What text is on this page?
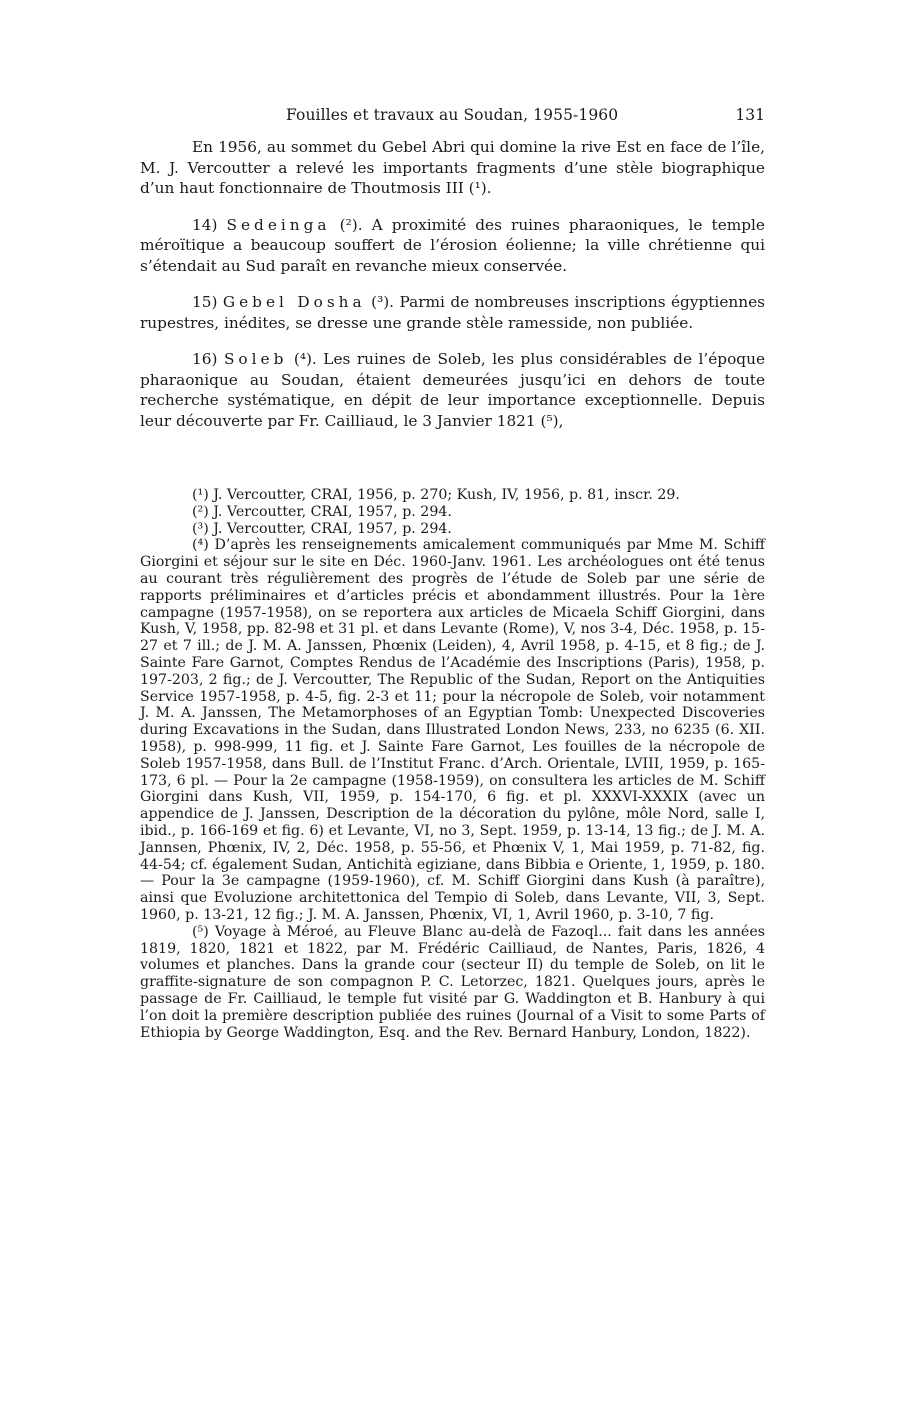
Fouilles et travaux au Soudan, 1955-1960	131

En 1956, au sommet du Gebel Abri qui domine la rive Est en face de l’île, M. J. Vercoutter a relevé les importants fragments d’une stèle biographique d’un haut fonctionnaire de Thoutmosis III (¹).

14) Sedeinga (²). A proximité des ruines pharaoniques, le temple méroïtique a beaucoup souffert de l’érosion éolienne; la ville chrétienne qui s’étendait au Sud paraît en revanche mieux conservée.

15) Gebel Dosha (³). Parmi de nombreuses inscriptions égyptiennes rupestres, inédites, se dresse une grande stèle ramesside, non publiée.

16) Soleb (⁴). Les ruines de Soleb, les plus considérables de l’époque pharaonique au Soudan, étaient demeurées jusqu’ici en dehors de toute recherche systématique, en dépit de leur importance exceptionnelle. Depuis leur découverte par Fr. Cailliaud, le 3 Janvier 1821 (⁵),

(¹) J. Vercoutter, CRAI, 1956, p. 270; Kush, IV, 1956, p. 81, inscr. 29.

(²) J. Vercoutter, CRAI, 1957, p. 294.

(³) J. Vercoutter, CRAI, 1957, p. 294.

(⁴) D’après les renseignements amicalement communiqués par Mme M. Schiff Giorgini et séjour sur le site en Déc. 1960-Janv. 1961. Les archéologues ont été tenus au courant très régulièrement des progrès de l’étude de Soleb par une série de rapports préliminaires et d’articles précis et abondamment illustrés. Pour la 1ère campagne (1957-1958), on se reportera aux articles de Micaela Schiff Giorgini, dans Kush, V, 1958, pp. 82-98 et 31 pl. et dans Levante (Rome), V, nos 3-4, Déc. 1958, p. 15-27 et 7 ill.; de J. M. A. Janssen, Phœnix (Leiden), 4, Avril 1958, p. 4-15, et 8 fig.; de J. Sainte Fare Garnot, Comptes Rendus de l’Académie des Inscriptions (Paris), 1958, p. 197-203, 2 fig.; de J. Vercoutter, The Republic of the Sudan, Report on the Antiquities Service 1957-1958, p. 4-5, fig. 2-3 et 11; pour la nécropole de Soleb, voir notamment J. M. A. Janssen, The Metamorphoses of an Egyptian Tomb: Unexpected Discoveries during Excavations in the Sudan, dans Illustrated London News, 233, no 6235 (6. XII. 1958), p. 998-999, 11 fig. et J. Sainte Fare Garnot, Les fouilles de la nécropole de Soleb 1957-1958, dans Bull. de l’Institut Franc. d’Arch. Orientale, LVIII, 1959, p. 165-173, 6 pl. — Pour la 2e campagne (1958-1959), on consultera les articles de M. Schiff Giorgini dans Kush, VII, 1959, p. 154-170, 6 fig. et pl. XXXVI-XXXIX (avec un appendice de J. Janssen, Description de la décoration du pylône, môle Nord, salle I, ibid., p. 166-169 et fig. 6) et Levante, VI, no 3, Sept. 1959, p. 13-14, 13 fig.; de J. M. A. Jannsen, Phœnix, IV, 2, Déc. 1958, p. 55-56, et Phœnix V, 1, Mai 1959, p. 71-82, fig. 44-54; cf. également Sudan, Antichità egiziane, dans Bibbia e Oriente, 1, 1959, p. 180. — Pour la 3e campagne (1959-1960), cf. M. Schiff Giorgini dans Kush (à paraître), ainsi que Evoluzione architettonica del Tempio di Soleb, dans Levante, VII, 3, Sept. 1960, p. 13-21, 12 fig.; J. M. A. Janssen, Phœnix, VI, 1, Avril 1960, p. 3-10, 7 fig.

(⁵) Voyage à Méroé, au Fleuve Blanc au-delà de Fazoql... fait dans les années 1819, 1820, 1821 et 1822, par M. Frédéric Cailliaud, de Nantes, Paris, 1826, 4 volumes et planches. Dans la grande cour (secteur II) du temple de Soleb, on lit le graffite-signature de son compagnon P. C. Letorzec, 1821. Quelques jours, après le passage de Fr. Cailliaud, le temple fut visité par G. Waddington et B. Hanbury à qui l’on doit la première description publiée des ruines (Journal of a Visit to some Parts of Ethiopia by George Waddington, Esq. and the Rev. Bernard Hanbury, London, 1822).
